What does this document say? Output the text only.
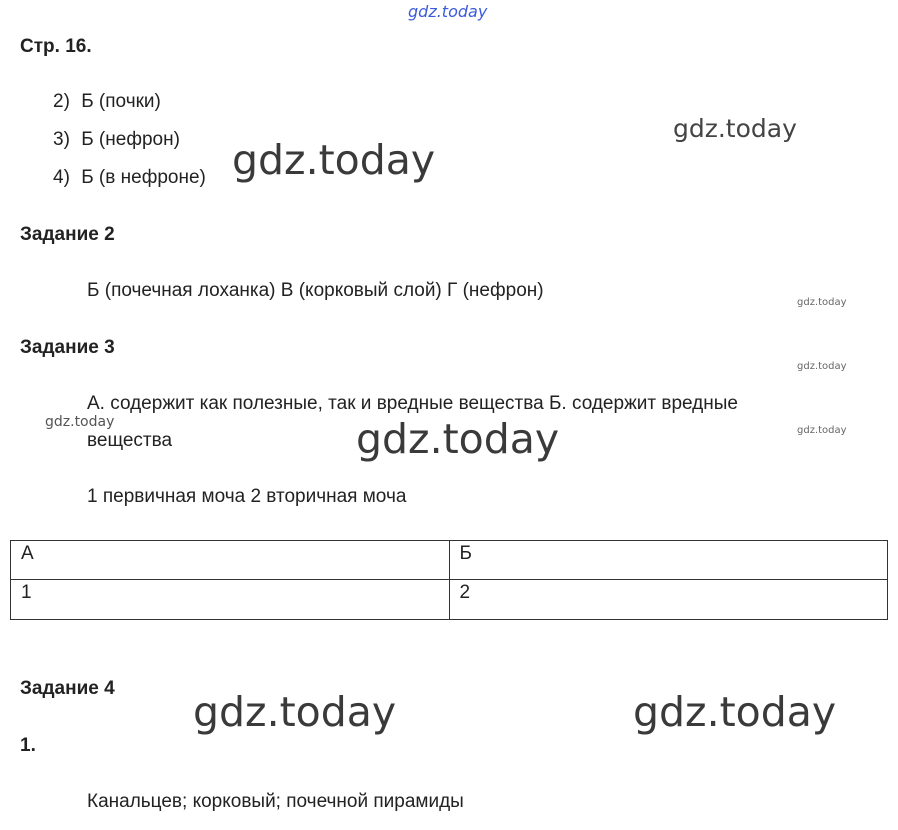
gdz.today
Стр. 16.
2) Б (почки)
3) Б (нефрон)
4) Б (в нефроне) gdz.today
gdz.today
Задание 2
Б (почечная лоханка) В (корковый слой) Г (нефрон)
gdz.today
Задание 3
gdz.today
А. содержит как полезные, так и вредные вещества Б. содержит вредные
gdz.today
gdz.today
вещества	gdz.today
1 первичная моча 2 вторичная моча
А	Б
1	2
Задание 4 gdz.today	gdz.today
1.
Канальцев; корковый; почечной пирамиды
